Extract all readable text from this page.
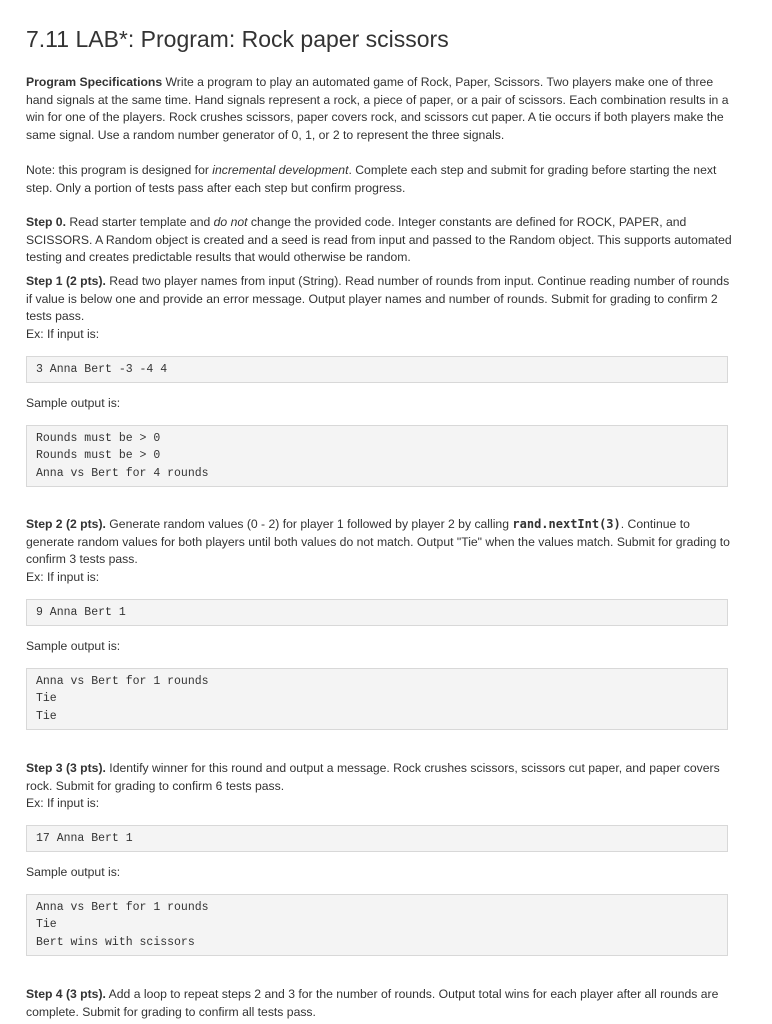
7.11 LAB*: Program: Rock paper scissors

Program Specifications Write a program to play an automated game of Rock, Paper, Scissors. Two players make one of three hand signals at the same time. Hand signals represent a rock, a piece of paper, or a pair of scissors. Each combination results in a win for one of the players. Rock crushes scissors, paper covers rock, and scissors cut paper. A tie occurs if both players make the same signal. Use a random number generator of 0, 1, or 2 to represent the three signals.

Note: this program is designed for incremental development. Complete each step and submit for grading before starting the next step. Only a portion of tests pass after each step but confirm progress.

Step 0. Read starter template and do not change the provided code. Integer constants are defined for ROCK, PAPER, and SCISSORS. A Random object is created and a seed is read from input and passed to the Random object. This supports automated testing and creates predictable results that would otherwise be random.

Step 1 (2 pts). Read two player names from input (String). Read number of rounds from input. Continue reading number of rounds if value is below one and provide an error message. Output player names and number of rounds. Submit for grading to confirm 2 tests pass.
Ex: If input is:

3 Anna Bert -3 -4 4

Sample output is:

Rounds must be > 0
Rounds must be > 0
Anna vs Bert for 4 rounds

Step 2 (2 pts). Generate random values (0 - 2) for player 1 followed by player 2 by calling rand.nextInt(3). Continue to generate random values for both players until both values do not match. Output "Tie" when the values match. Submit for grading to confirm 3 tests pass.
Ex: If input is:

9 Anna Bert 1

Sample output is:

Anna vs Bert for 1 rounds
Tie
Tie

Step 3 (3 pts). Identify winner for this round and output a message. Rock crushes scissors, scissors cut paper, and paper covers rock. Submit for grading to confirm 6 tests pass.
Ex: If input is:

17 Anna Bert 1

Sample output is:

Anna vs Bert for 1 rounds
Tie
Bert wins with scissors

Step 4 (3 pts). Add a loop to repeat steps 2 and 3 for the number of rounds. Output total wins for each player after all rounds are complete. Submit for grading to confirm all tests pass.
